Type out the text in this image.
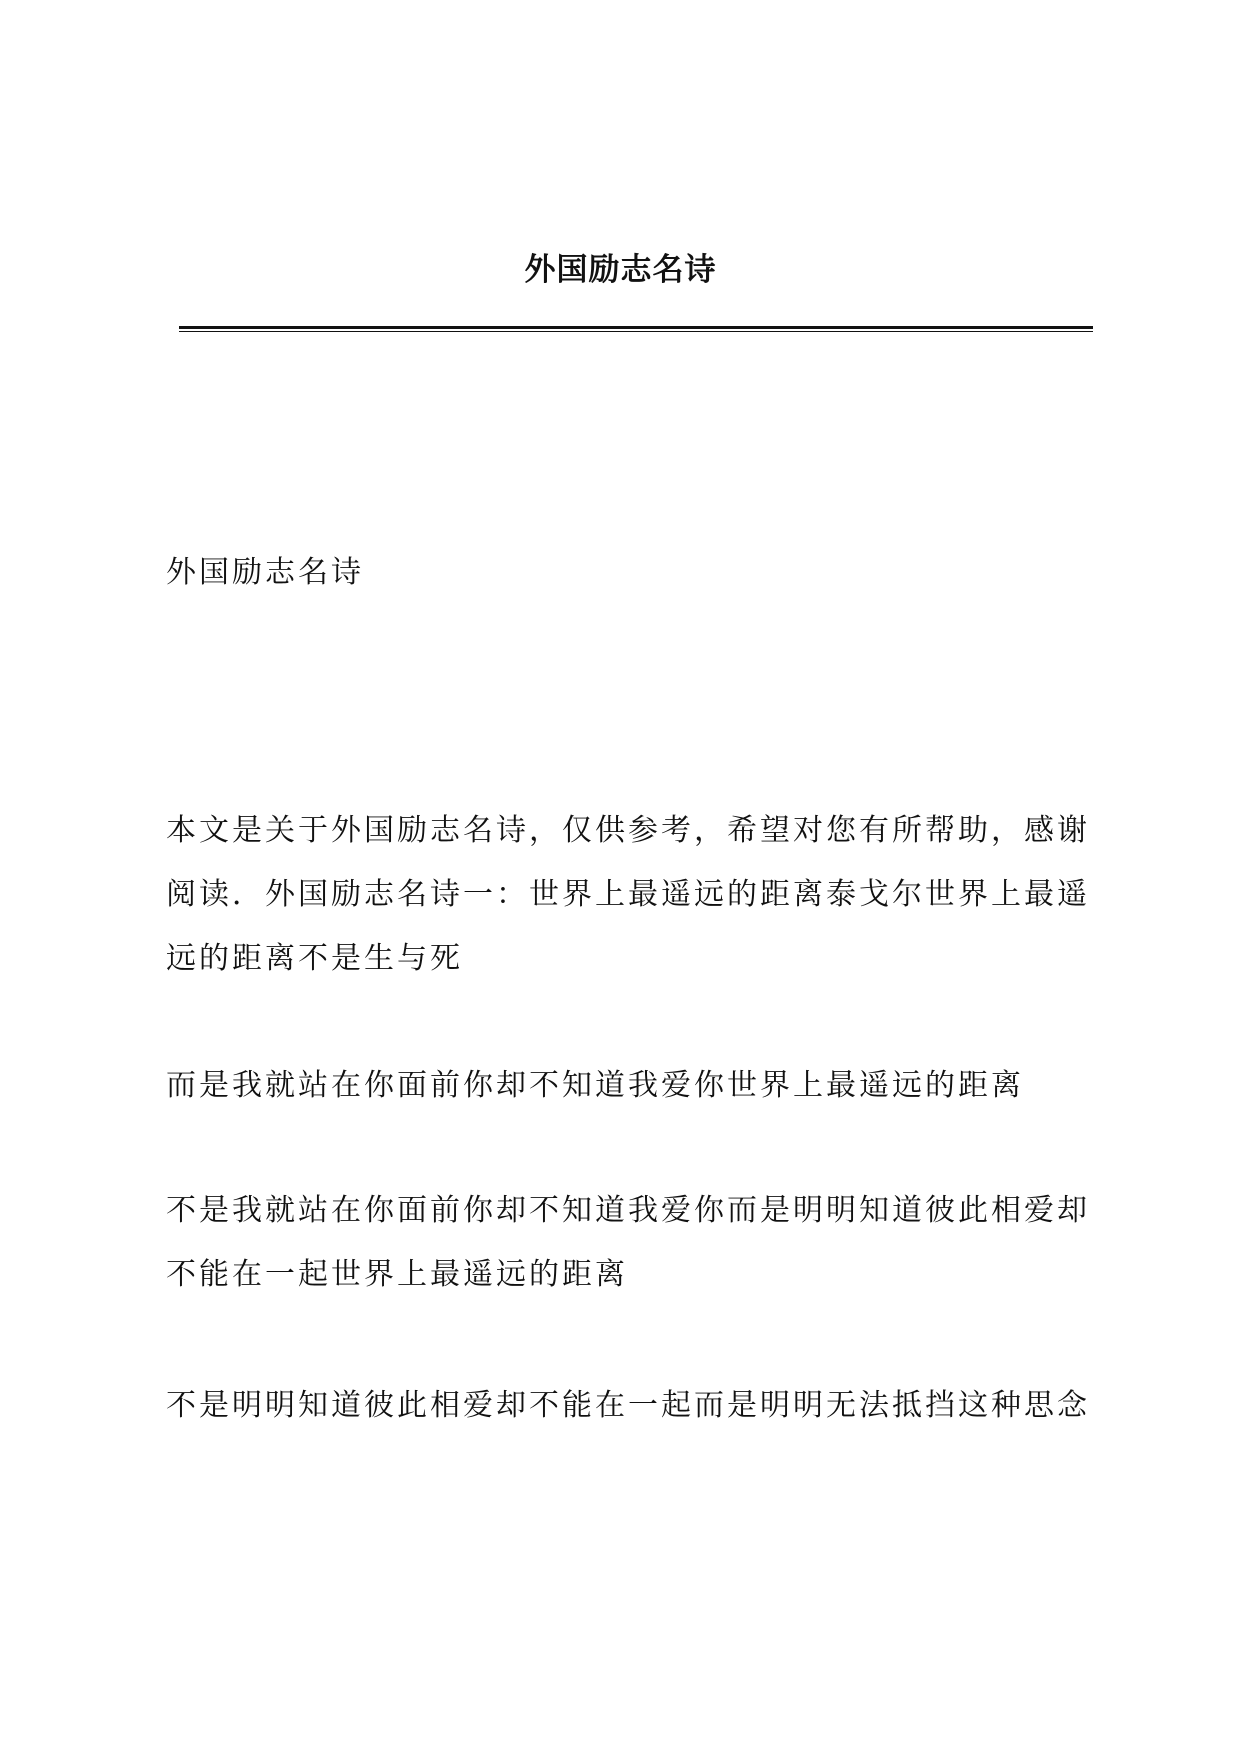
外国励志名诗

外国励志名诗

本文是关于外国励志名诗，仅供参考，希望对您有所帮助，感谢阅读．外国励志名诗一：世界上最遥远的距离泰戈尔世界上最遥远的距离不是生与死

而是我就站在你面前你却不知道我爱你世界上最遥远的距离

不是我就站在你面前你却不知道我爱你而是明明知道彼此相爱却不能在一起世界上最遥远的距离

不是明明知道彼此相爱却不能在一起而是明明无法抵挡这种思念
